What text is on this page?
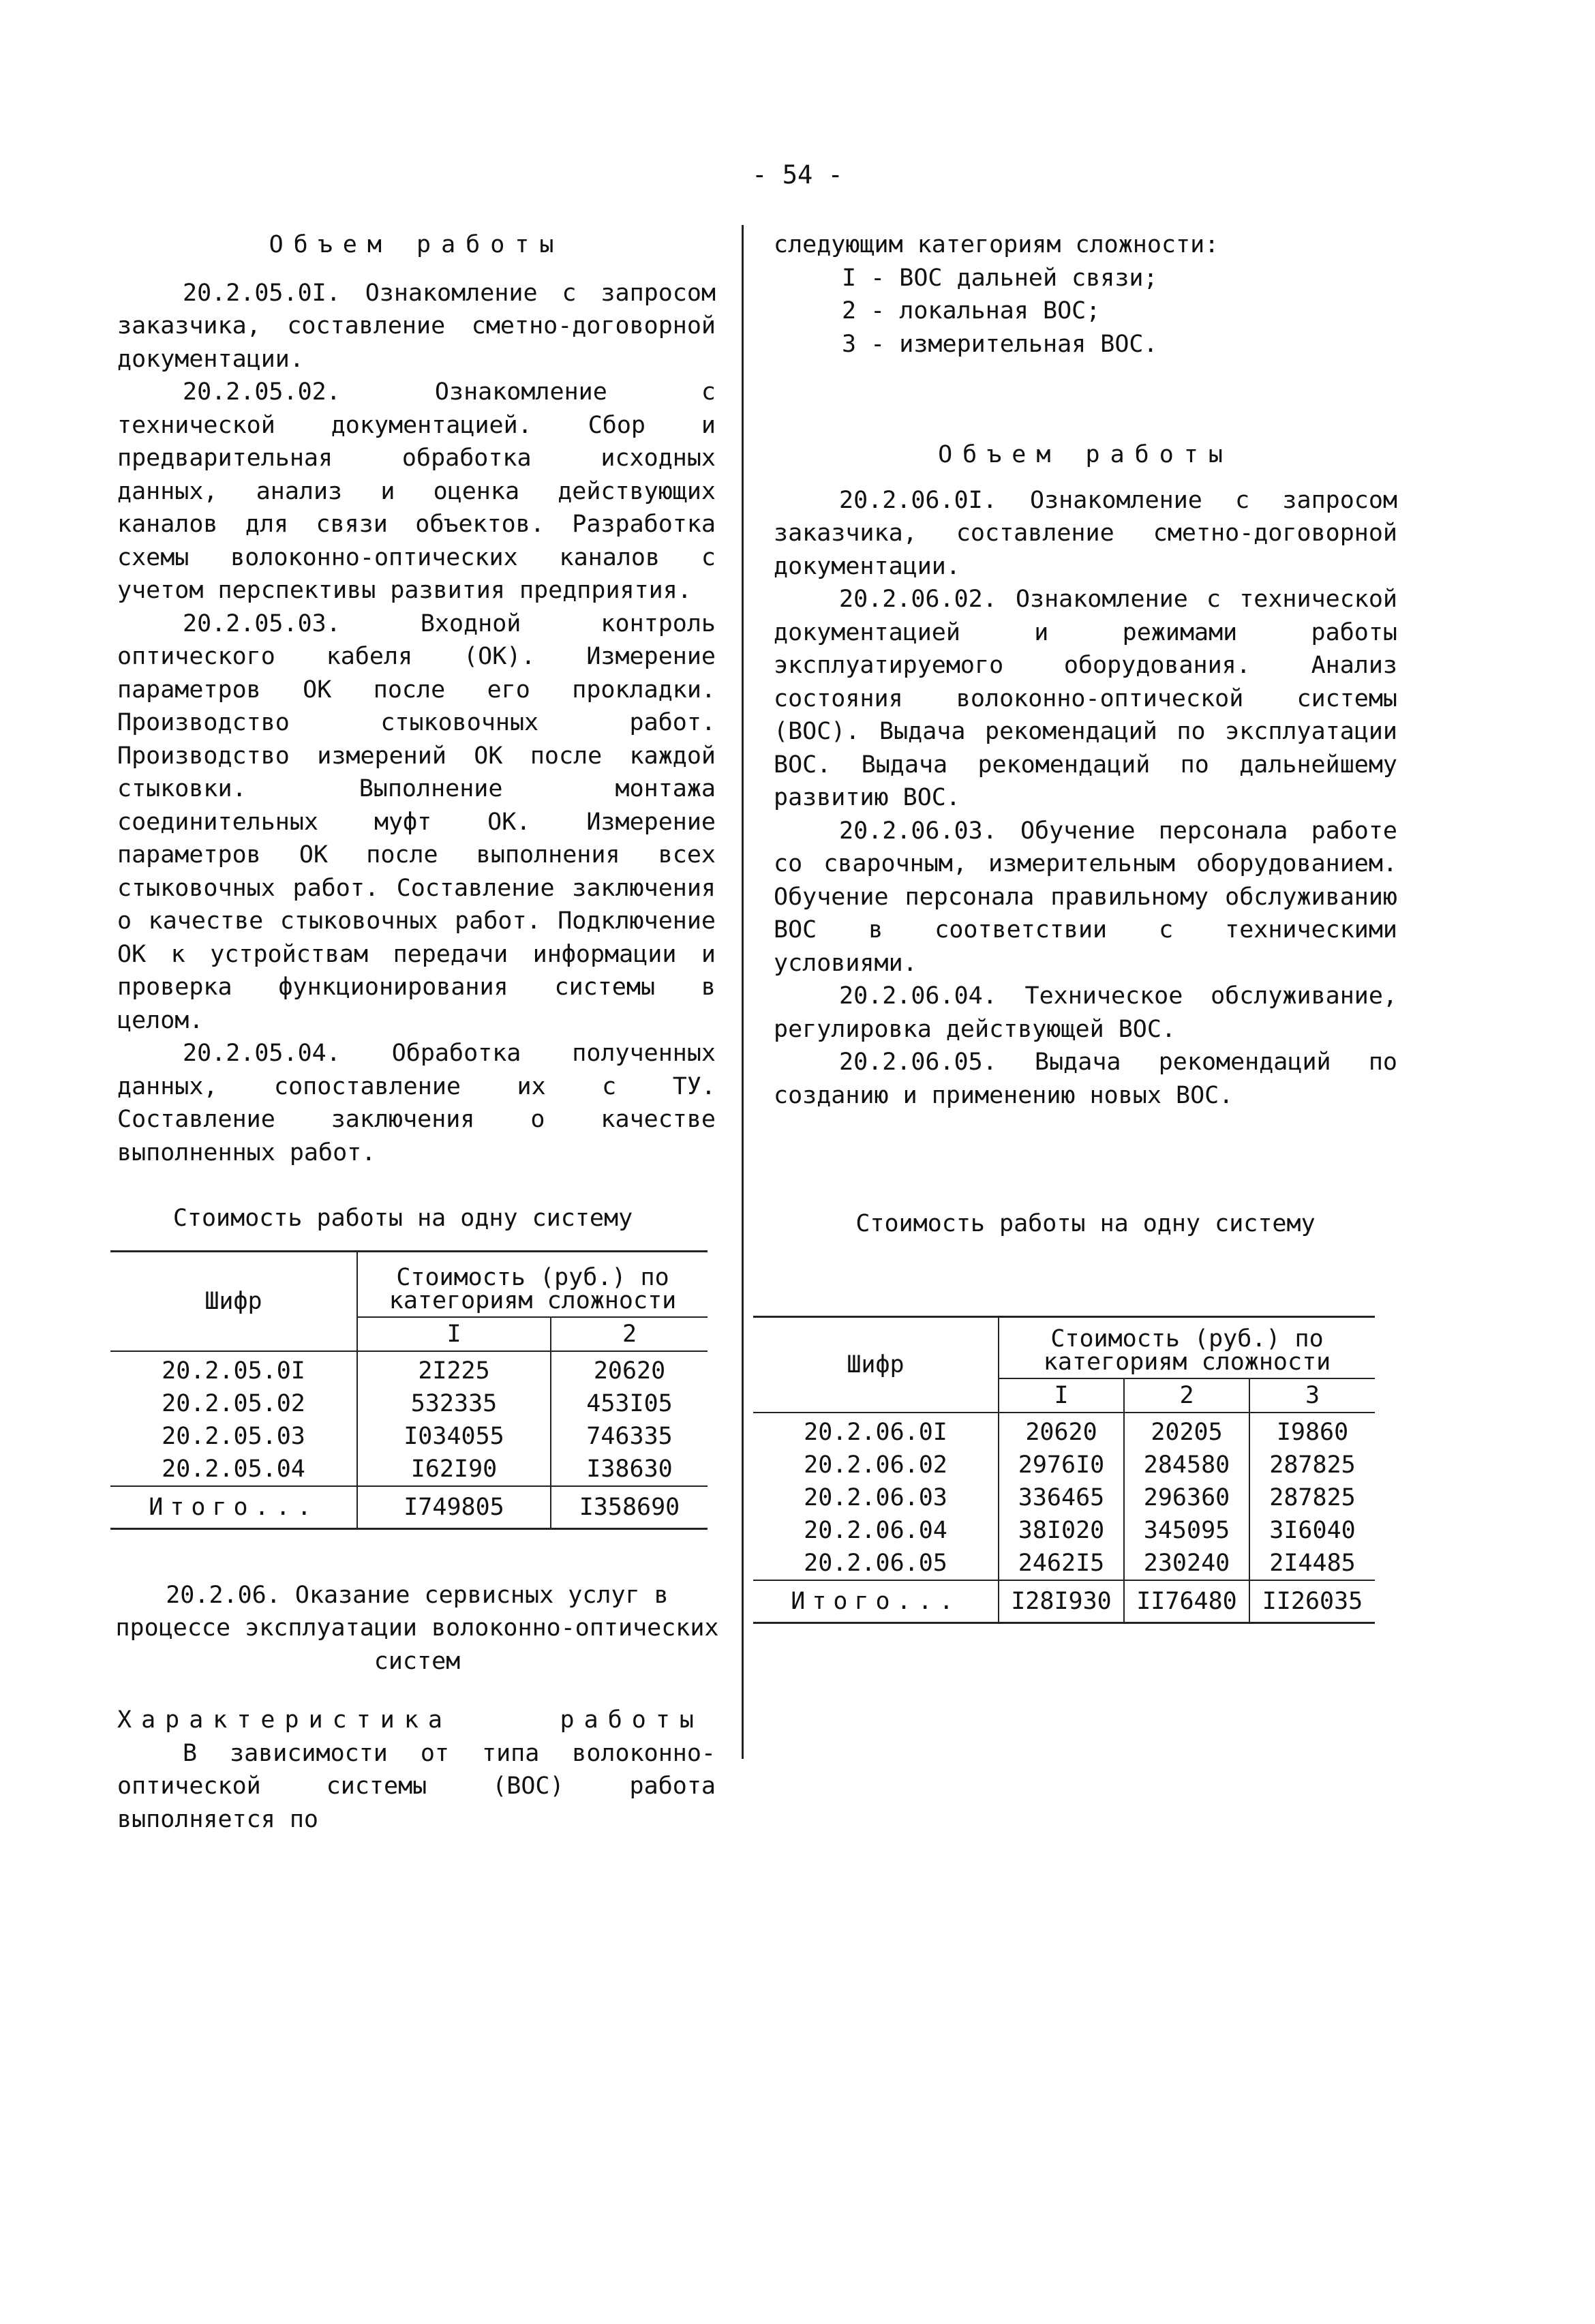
- 54 -

Объем работы

20.2.05.0I. Ознакомление с запросом заказчика, составление сметно-договорной документации.

20.2.05.02. Ознакомление с технической документацией. Сбор и предварительная обработка исходных данных, анализ и оценка действующих каналов для связи объектов. Разработка схемы волоконно-оптических каналов с учетом перспективы развития предприятия.

20.2.05.03. Входной контроль оптического кабеля (ОК). Измерение параметров ОК после его прокладки. Производство стыковочных работ. Производство измерений ОК после каждой стыковки. Выполнение монтажа соединительных муфт ОК. Измерение параметров ОК после выполнения всех стыковочных работ. Составление заключения о качестве стыковочных работ. Подключение ОК к устройствам передачи информации и проверка функционирования системы в целом.

20.2.05.04. Обработка полученных данных, сопоставление их с ТУ. Составление заключения о качестве выполненных работ.

Стоимость работы на одну систему

Шифр	Стоимость (руб.) по категориям сложности	
	I	2
20.2.05.0I	2I225	20620
20.2.05.02	532335	453I05
20.2.05.03	I034055	746335
20.2.05.04	I62I90	I38630
Итого...	I749805	I358690

20.2.06. Оказание сервисных услуг в процессе эксплуатации волоконно-оптических систем

Характеристика работы

В зависимости от типа волоконно-оптической системы (ВОС) работа выполняется по

следующим категориям сложности:

I - ВОС дальней связи;

2 - локальная ВОС;

3 - измерительная ВОС.

Объем работы

20.2.06.0I. Ознакомление с запросом заказчика, составление сметно-договорной документации.

20.2.06.02. Ознакомление с технической документацией и режимами работы эксплуатируемого оборудования. Анализ состояния волоконно-оптической системы (ВОС). Выдача рекомендаций по эксплуатации ВОС. Выдача рекомендаций по дальнейшему развитию ВОС.

20.2.06.03. Обучение персонала работе со сварочным, измерительным оборудованием. Обучение персонала правильному обслуживанию ВОС в соответствии с техническими условиями.

20.2.06.04. Техническое обслуживание, регулировка действующей ВОС.

20.2.06.05. Выдача рекомендаций по созданию и применению новых ВОС.

Стоимость работы на одну систему

Шифр	Стоимость (руб.) по категориям сложности		
	I	2	3
20.2.06.0I	20620	20205	I9860
20.2.06.02	2976I0	284580	287825
20.2.06.03	336465	296360	287825
20.2.06.04	38I020	345095	3I6040
20.2.06.05	2462I5	230240	2I4485
Итого...	I28I930	II76480	II26035
